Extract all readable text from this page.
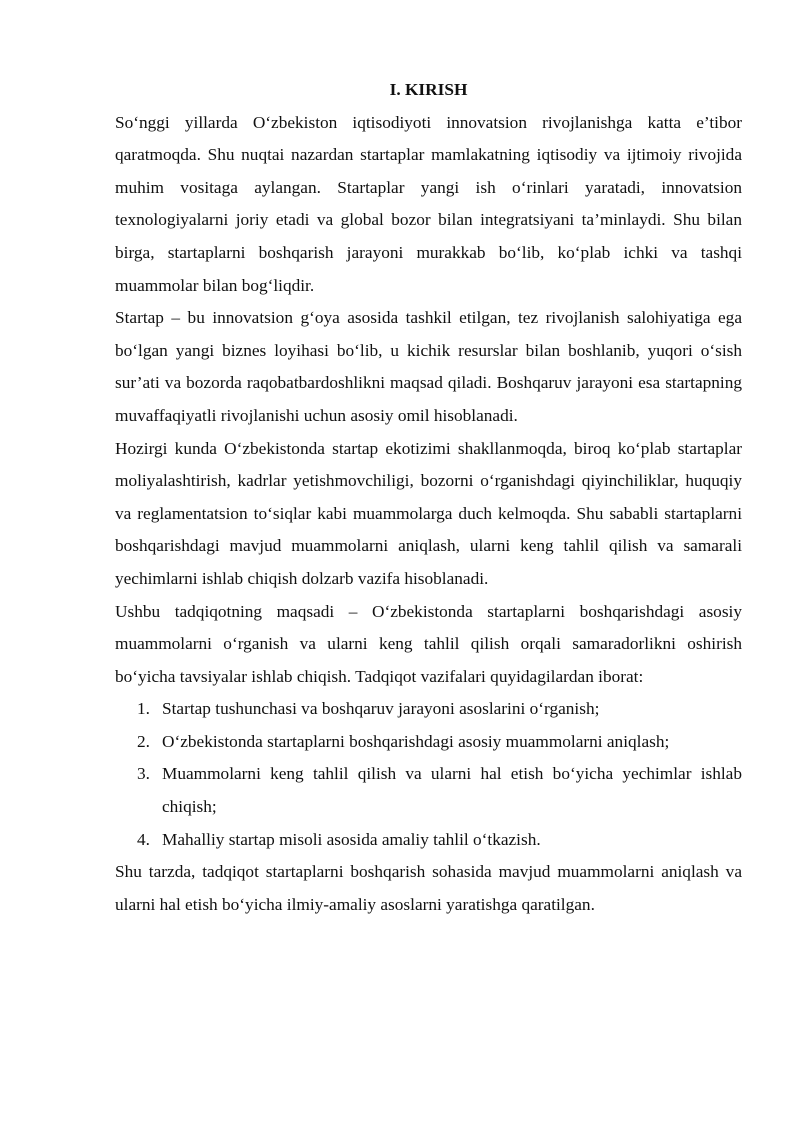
I. KIRISH

So‘nggi yillarda O‘zbekiston iqtisodiyoti innovatsion rivojlanishga katta e’tibor qaratmoqda. Shu nuqtai nazardan startaplar mamlakatning iqtisodiy va ijtimoiy rivojida muhim vositaga aylangan. Startaplar yangi ish o‘rinlari yaratadi, innovatsion texnologiyalarni joriy etadi va global bozor bilan integratsiyani ta’minlaydi. Shu bilan birga, startaplarni boshqarish jarayoni murakkab bo‘lib, ko‘plab ichki va tashqi muammolar bilan bog‘liqdir.

Startap – bu innovatsion g‘oya asosida tashkil etilgan, tez rivojlanish salohiyatiga ega bo‘lgan yangi biznes loyihasi bo‘lib, u kichik resurslar bilan boshlanib, yuqori o‘sish sur’ati va bozorda raqobatbardoshlikni maqsad qiladi. Boshqaruv jarayoni esa startapning muvaffaqiyatli rivojlanishi uchun asosiy omil hisoblanadi.

Hozirgi kunda O‘zbekistonda startap ekotizimi shakllanmoqda, biroq ko‘plab startaplar moliyalashtirish, kadrlar yetishmovchiligi, bozorni o‘rganishdagi qiyinchiliklar, huquqiy va reglamentatsion to‘siqlar kabi muammolarga duch kelmoqda. Shu sababli startaplarni boshqarishdagi mavjud muammolarni aniqlash, ularni keng tahlil qilish va samarali yechimlarni ishlab chiqish dolzarb vazifa hisoblanadi.

Ushbu tadqiqotning maqsadi – O‘zbekistonda startaplarni boshqarishdagi asosiy muammolarni o‘rganish va ularni keng tahlil qilish orqali samaradorlikni oshirish bo‘yicha tavsiyalar ishlab chiqish. Tadqiqot vazifalari quyidagilardan iborat:

1. Startap tushunchasi va boshqaruv jarayoni asoslarini o‘rganish;
2. O‘zbekistonda startaplarni boshqarishdagi asosiy muammolarni aniqlash;
3. Muammolarni keng tahlil qilish va ularni hal etish bo‘yicha yechimlar ishlab chiqish;
4. Mahalliy startap misoli asosida amaliy tahlil o‘tkazish.

Shu tarzda, tadqiqot startaplarni boshqarish sohasida mavjud muammolarni aniqlash va ularni hal etish bo‘yicha ilmiy-amaliy asoslarni yaratishga qaratilgan.
